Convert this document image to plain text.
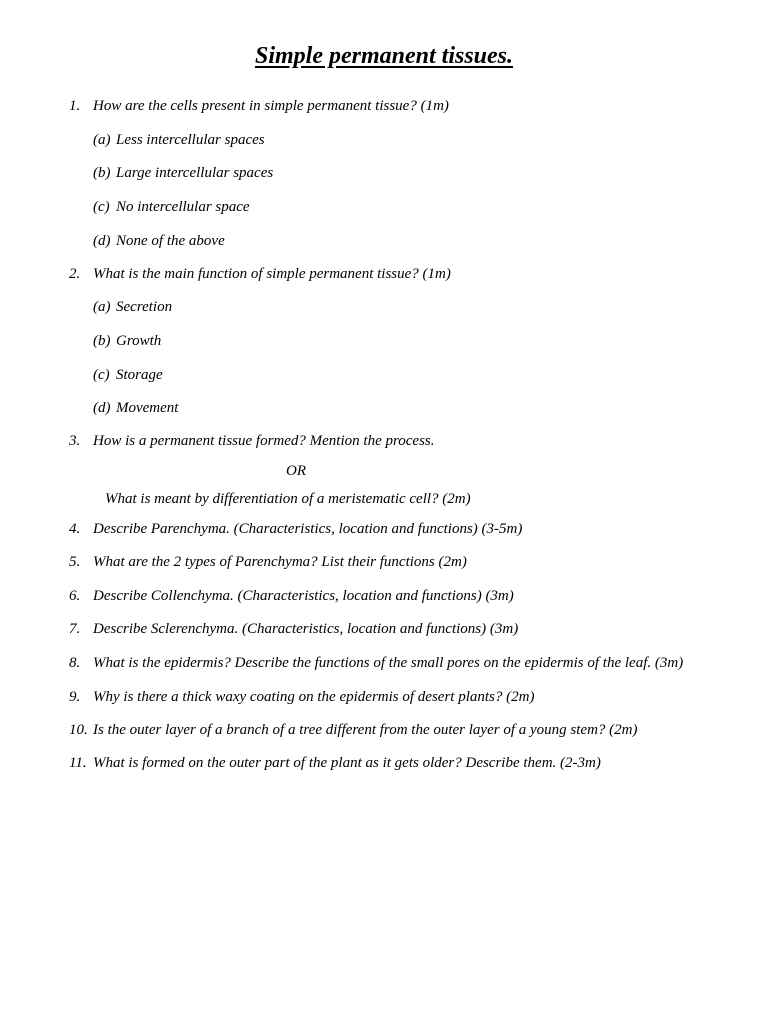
Simple permanent tissues.
1. How are the cells present in simple permanent tissue? (1m)
(a) Less intercellular spaces
(b) Large intercellular spaces
(c) No intercellular space
(d) None of the above
2. What is the main function of simple permanent tissue? (1m)
(a) Secretion
(b) Growth
(c) Storage
(d) Movement
3. How is a permanent tissue formed? Mention the process.
OR
What is meant by differentiation of a meristematic cell? (2m)
4. Describe Parenchyma. (Characteristics, location and functions) (3-5m)
5. What are the 2 types of Parenchyma? List their functions (2m)
6. Describe Collenchyma. (Characteristics, location and functions) (3m)
7. Describe Sclerenchyma. (Characteristics, location and functions) (3m)
8. What is the epidermis? Describe the functions of the small pores on the epidermis of the leaf. (3m)
9. Why is there a thick waxy coating on the epidermis of desert plants? (2m)
10. Is the outer layer of a branch of a tree different from the outer layer of a young stem? (2m)
11. What is formed on the outer part of the plant as it gets older? Describe them. (2-3m)
